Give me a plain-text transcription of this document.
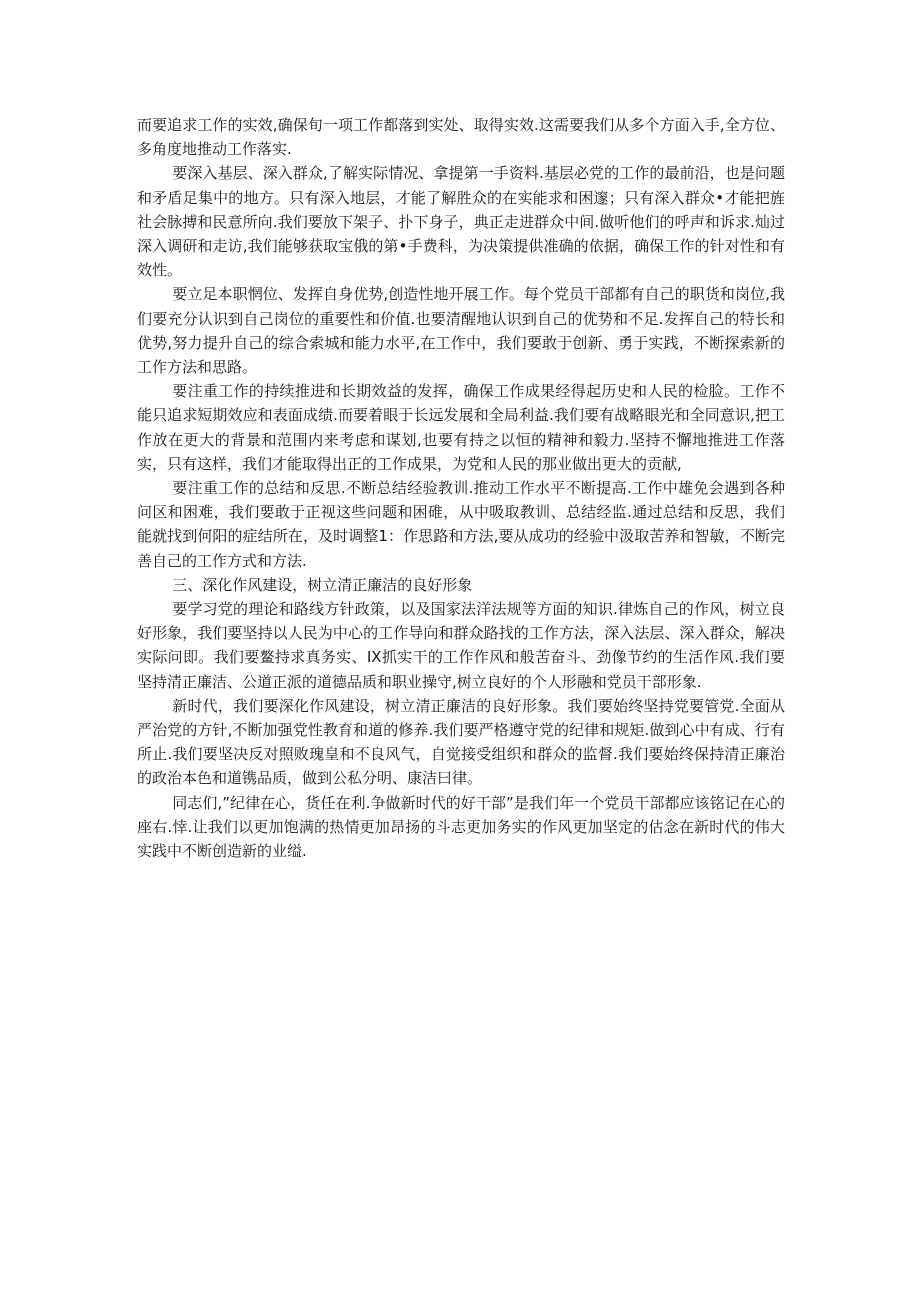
而要追求工作的实效,确保旬一项工作都落到实处、取得实效.这需要我们从多个方面入手,全方位、多角度地推动工作落实.

要深入基层、深入群众,了解实际情况、拿提第一手资料.基层必党的工作的最前沿，也是问题和矛盾足集中的地方。只有深入地层，才能了解胜众的在实能求和困邃；只有深入群众•才能把旌社会脉搏和民意所向.我们要放下架子、扑下身子，典正走进群众中间.做听他们的呼声和诉求.灿过深入调研和走访,我们能够获取宝俄的第•手费科，为决策提供准确的依据，确保工作的针对性和有效性。

要立足本职惘位、发挥自身优势,创造性地开展工作。每个党员干部都有自己的职货和岗位,我们要充分认识到自己岗位的重要性和价值.也要清醒地认识到自己的优势和不足.发挥自己的特长和优势,努力提升自己的综合索城和能力水平,在工作中，我们要敢于创新、勇于实践，不断探索新的工作方法和思路。

要注重工作的持续推进和长期效益的发挥，确保工作成果经得起历史和人民的检脸。工作不能只追求短期效应和表面成绩.而要着眼于长远发展和全局利益.我们要有战略眼光和全同意识,把工作放在更大的背景和范围内来考虑和谋划,也要有持之以恒的精神和毅力.坚持不懈地推进工作落实，只有这样，我们才能取得出正的工作成果，为党和人民的那业做出更大的贡献,

要注重工作的总结和反思.不断总结经验教训.推动工作水平不断提高.工作中雄免会遇到各种问区和困难，我们要敢于正视这些问题和困碓，从中吸取教训、总结经监.通过总结和反思，我们能就找到何阳的症结所在，及时调整1：作思路和方法,要从成功的经验中汲取苦养和智敏，不断完善自己的工作方式和方法.

三、深化作风建设，树立清正廉洁的良好形象

要学习党的理论和路线方针政策，以及国家法洋法规等方面的知识.律炼自己的作风，树立良好形象，我们要坚持以人民为中心的工作导向和群众路找的工作方法，深入法层、深入群众，解决实际问即。我们要鳌持求真务实、IX抓实干的工作作风和般苦奋斗、劲像节约的生活作风.我们要坚持清正廉洁、公道正派的道德品质和职业操守,树立良好的个人形融和党员干部形象.

新时代，我们要深化作风建设，树立清正廉洁的良好形象。我们要始终坚持党要管党.全面从严治党的方针,不断加强党性教育和道的修养.我们要严格遵守党的纪律和规矩.做到心中有成、行有所止.我们要坚决反对照败瑰皇和不良风气，自觉接受组织和群众的监督.我们要始终保持清正廉治的政治本色和道镌品质，做到公私分明、康洁曰律。

同志们,”纪律在心，货任在利.争做新时代的好干部”是我们年一个党员干部都应该铭记在心的座右.悻.让我们以更加饱满的热情更加昂扬的斗志更加务实的作风更加坚定的估念在新时代的伟大实践中不断创造新的业缢.
